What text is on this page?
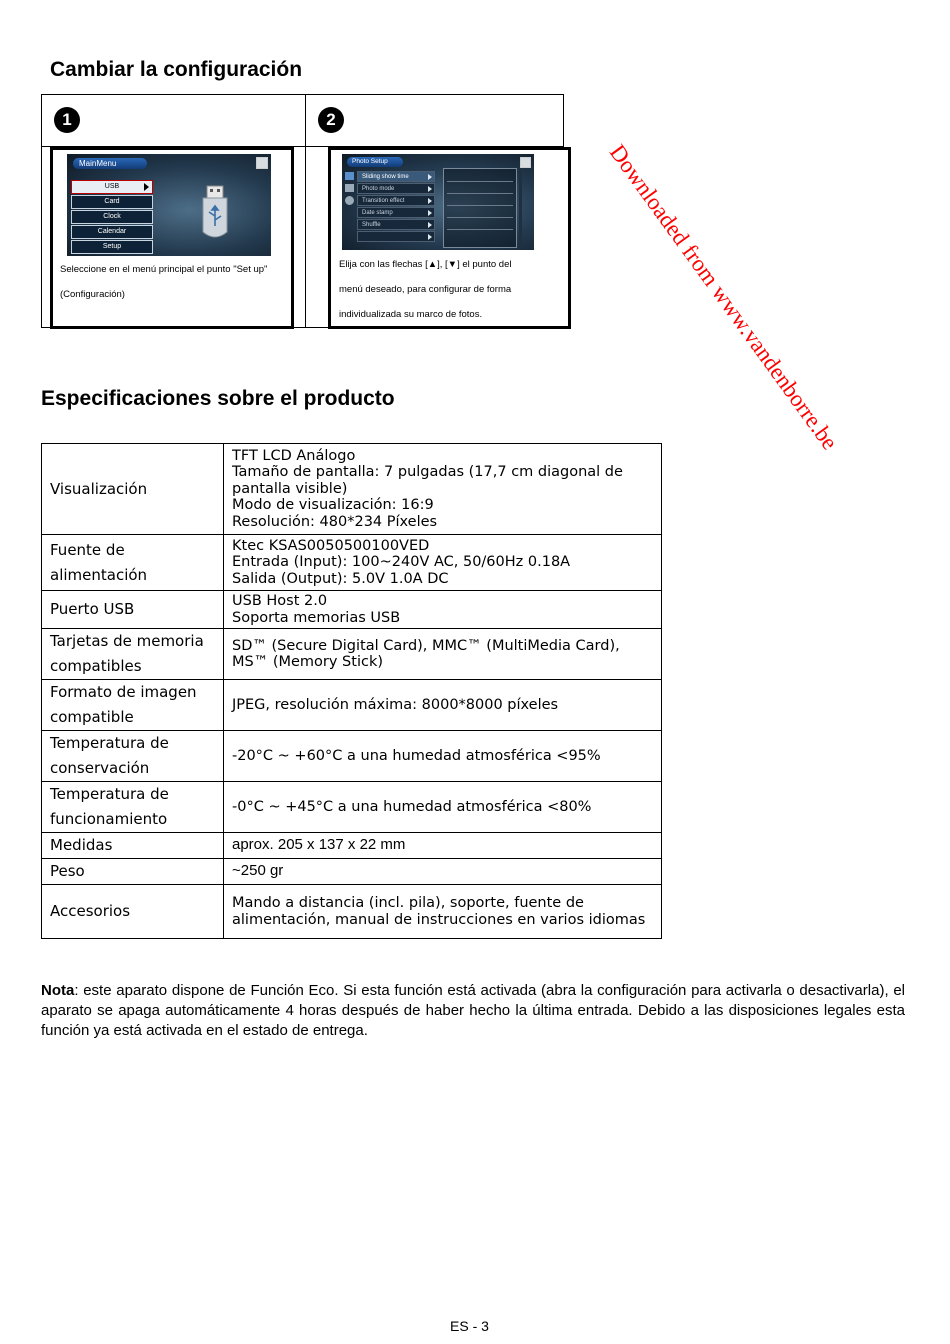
Downloaded from www.vandenborre.be
Cambiar la configuración
1	2
MainMenu
USB
Card
Clock
Calendar
Setup
Seleccione en el menú principal el punto "Set up"
(Configuración)
Photo Setup
Sliding show time
Photo mode
Transition effect
Date stamp
Shuffle
Elija con las flechas [▲], [▼] el punto del
menú deseado, para configurar de forma
individualizada su marco de fotos.
Especificaciones sobre el producto
Visualización	TFT LCD Análogo
Tamaño de pantalla: 7 pulgadas (17,7 cm diagonal de pantalla visible)
Modo de visualización: 16:9
Resolución: 480*234 Píxeles

Fuente de alimentación	Ktec KSAS0050500100VED
Entrada (Input): 100~240V AC, 50/60Hz 0.18A
Salida (Output): 5.0V 1.0A DC

Puerto USB	USB Host 2.0
Soporta memorias USB

Tarjetas de memoria compatibles	SD™ (Secure Digital Card), MMC™ (MultiMedia Card), MS™ (Memory Stick)

Formato de imagen compatible	JPEG, resolución máxima: 8000*8000 píxeles

Temperatura de conservación	-20°C ~ +60°C a una humedad atmosférica <95%

Temperatura de funcionamiento	-0°C ~ +45°C a una humedad atmosférica <80%

Medidas	aprox. 205 x 137 x 22 mm

Peso	~250 gr

Accesorios	Mando a distancia (incl. pila), soporte, fuente de alimentación, manual de instrucciones en varios idiomas
Nota: este aparato dispone de Función Eco. Si esta función está activada (abra la configuración para activarla o desactivarla), el aparato se apaga automáticamente 4 horas después de haber hecho la última entrada. Debido a las disposiciones legales esta función ya está activada en el estado de entrega.
ES - 3
